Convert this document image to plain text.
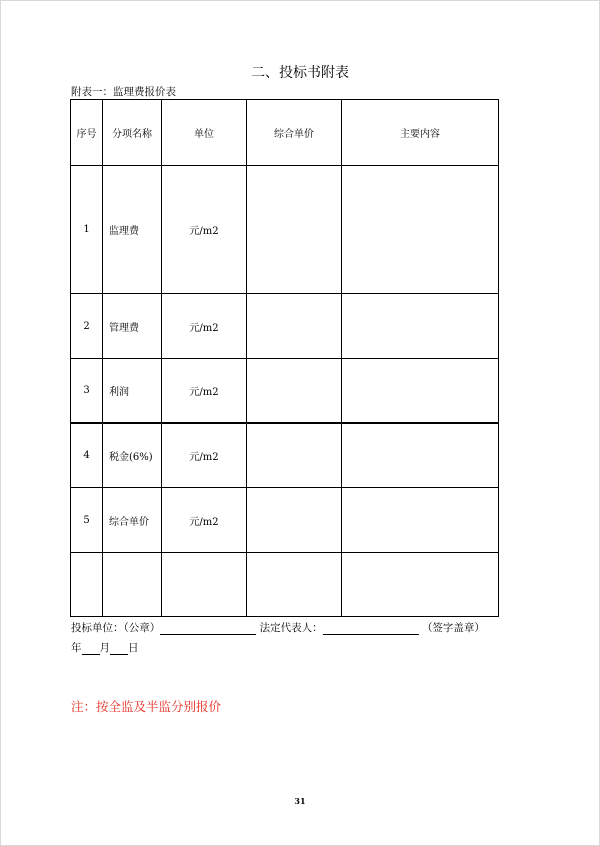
二、投标书附表
附表一：监理费报价表
序号	分项名称	单位	综合单价	主要内容
1	监理费	元/m2		
2	管理费	元/m2		
3	利润	元/m2		
4	税金(6%)	元/m2		
5	综合单价	元/m2		

投标单位：（公章）	法定代表人：	（签字盖章）
年 月 日
注：按全监及半监分别报价
31
